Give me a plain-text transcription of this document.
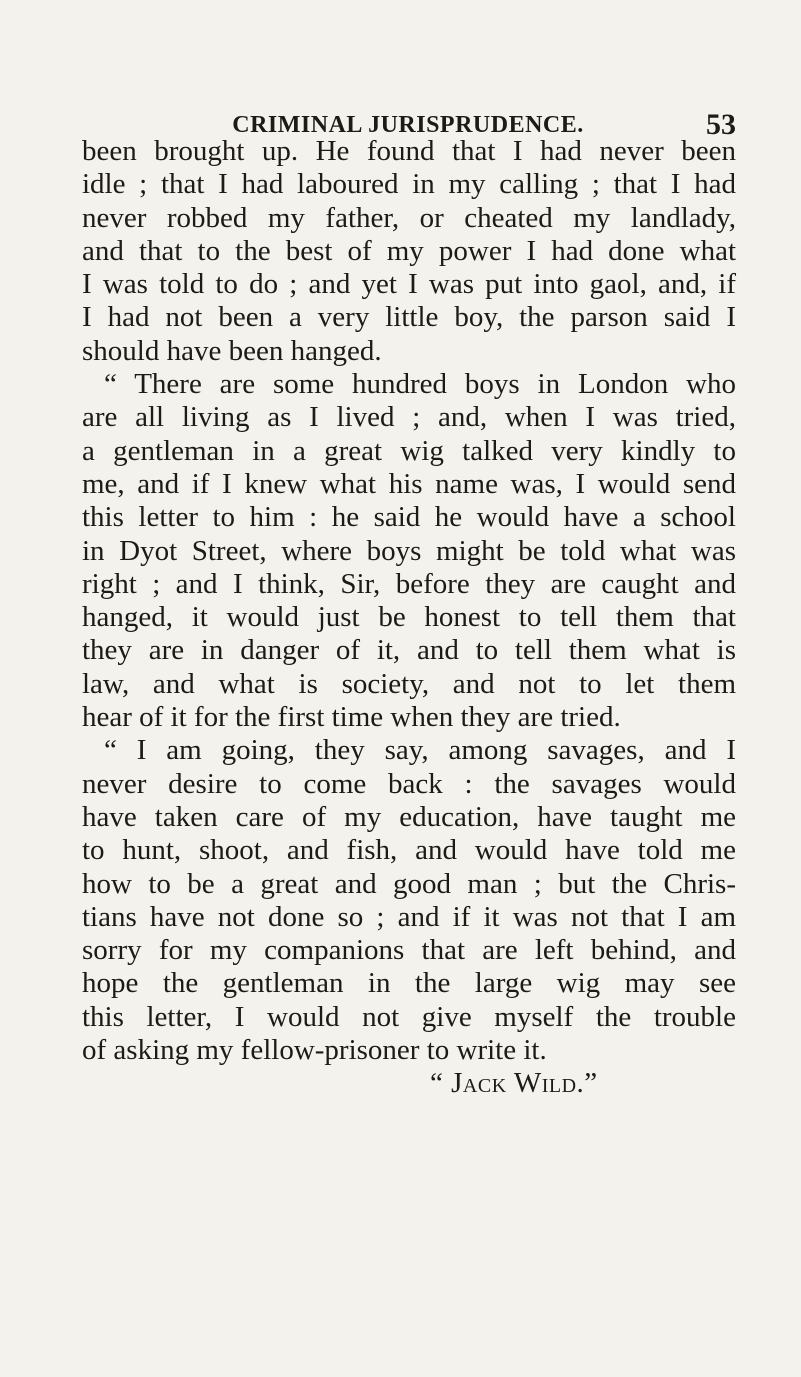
CRIMINAL JURISPRUDENCE.	53
been brought up. He found that I had never been
idle ; that I had laboured in my calling ; that I had
never robbed my father, or cheated my landlady,
and that to the best of my power I had done what
I was told to do ; and yet I was put into gaol, and, if
I had not been a very little boy, the parson said I
should have been hanged.
“ There are some hundred boys in London who
are all living as I lived ; and, when I was tried,
a gentleman in a great wig talked very kindly to
me, and if I knew what his name was, I would send
this letter to him : he said he would have a school
in Dyot Street, where boys might be told what was
right ; and I think, Sir, before they are caught and
hanged, it would just be honest to tell them that
they are in danger of it, and to tell them what is
law, and what is society, and not to let them
hear of it for the first time when they are tried.
“ I am going, they say, among savages, and I
never desire to come back : the savages would
have taken care of my education, have taught me
to hunt, shoot, and fish, and would have told me
how to be a great and good man ; but the Chris-
tians have not done so ; and if it was not that I am
sorry for my companions that are left behind, and
hope the gentleman in the large wig may see
this letter, I would not give myself the trouble
of asking my fellow-prisoner to write it.
“ Jack Wild.”
